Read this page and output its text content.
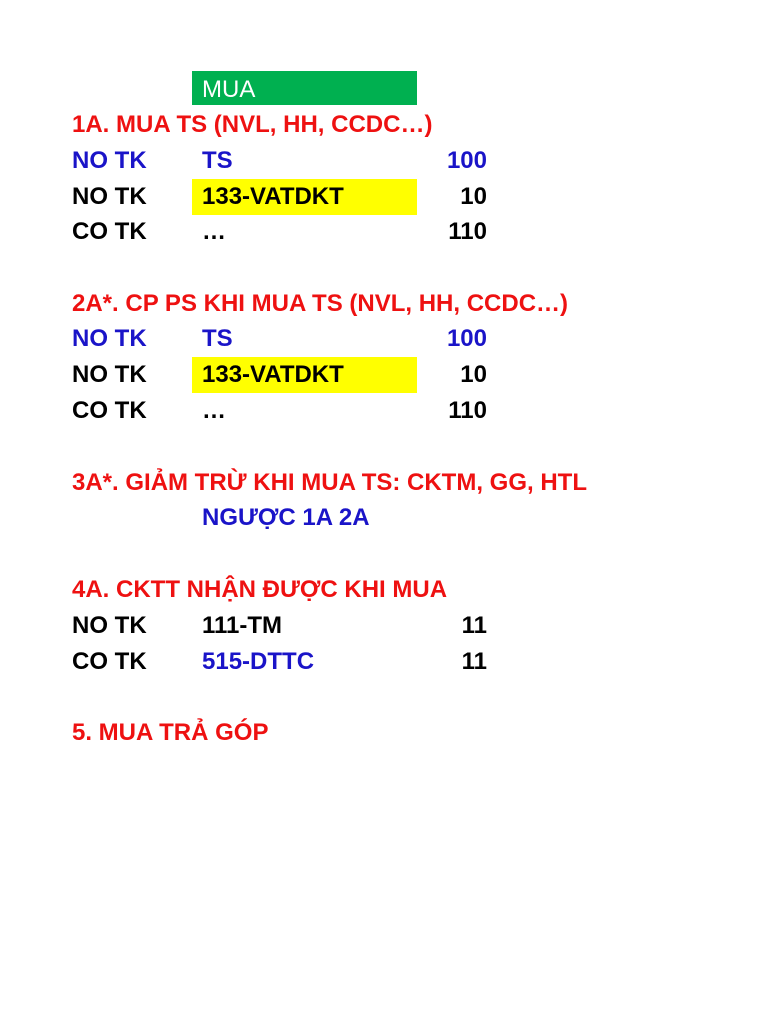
MUA
1A. MUA TS (NVL, HH, CCDC…)
NO TK	TS	100
NO TK	133-VATDKT	10
CO TK	…	110
2A*. CP PS KHI MUA TS (NVL, HH, CCDC…)
NO TK	TS	100
NO TK	133-VATDKT	10
CO TK	…	110
3A*. GIẢM TRỪ KHI MUA TS: CKTM, GG, HTL
NGƯỢC 1A 2A
4A. CKTT NHẬN ĐƯỢC KHI MUA
NO TK	111-TM	11
CO TK	515-DTTC	11
5. MUA TRẢ GÓP
